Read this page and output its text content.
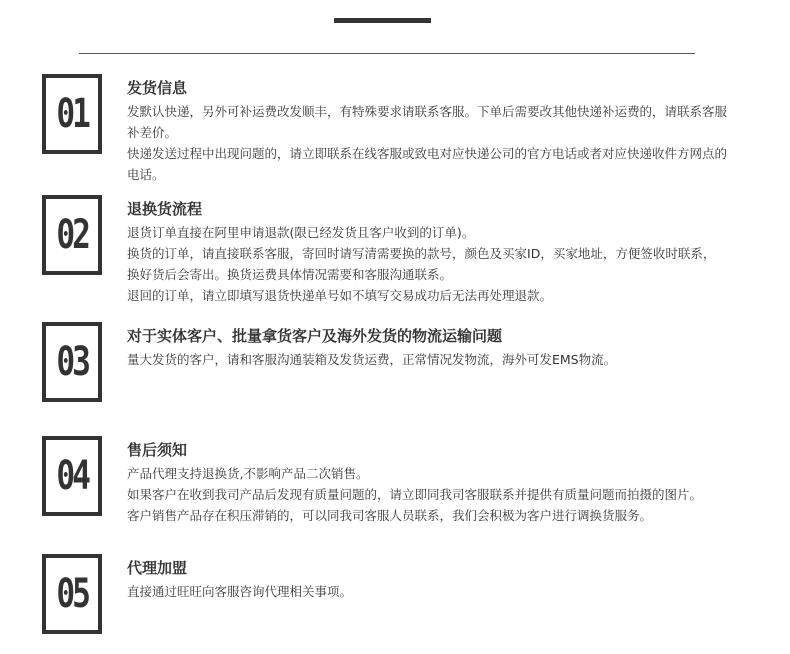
01
发货信息

发默认快递，另外可补运费改发顺丰，有特殊要求请联系客服。下单后需要改其他快递补运费的，请联系客服补差价。

快递发送过程中出现问题的，请立即联系在线客服或致电对应快递公司的官方电话或者对应快递收件方网点的电话。

02
退换货流程

退货订单直接在阿里申请退款(限已经发货且客户收到的订单)。

换货的订单，请直接联系客服，寄回时请写清需要换的款号，颜色及买家ID，买家地址，方便签收时联系，换好货后会寄出。换货运费具体情况需要和客服沟通联系。

退回的订单，请立即填写退货快递单号如不填写交易成功后无法再处理退款。

03
对于实体客户、批量拿货客户及海外发货的物流运输问题

量大发货的客户，请和客服沟通装箱及发货运费，正常情况发物流，海外可发EMS物流。

04
售后须知

产品代理支持退换货,不影响产品二次销售。

如果客户在收到我司产品后发现有质量问题的，请立即同我司客服联系并提供有质量问题而拍摄的图片。

客户销售产品存在积压滞销的，可以同我司客服人员联系，我们会积极为客户进行调换货服务。

05
代理加盟

直接通过旺旺向客服咨询代理相关事项。
